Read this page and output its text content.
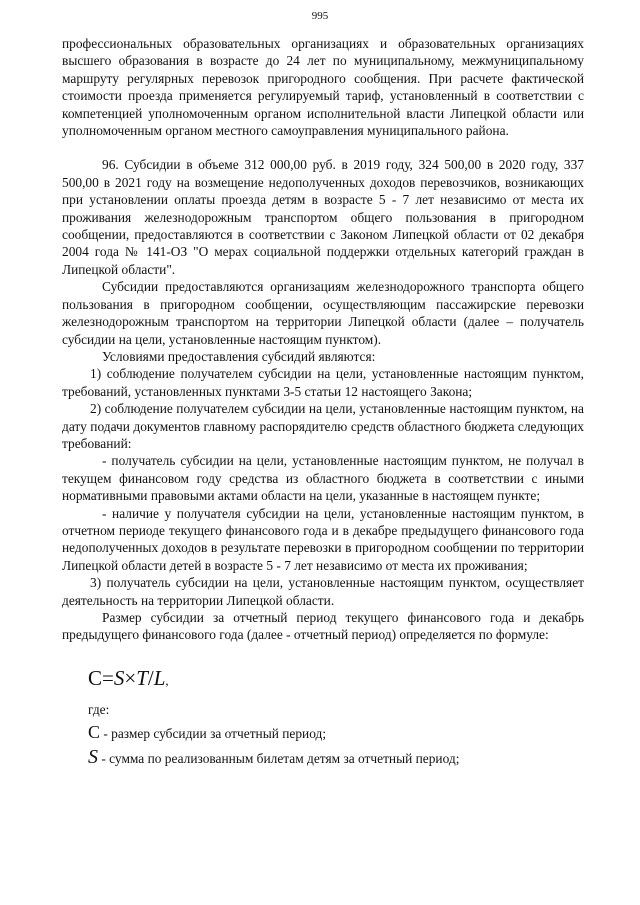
995

профессиональных образовательных организациях и образовательных организациях высшего образования в возрасте до 24 лет по муниципальному, межмуниципальному маршруту регулярных перевозок пригородного сообщения. При расчете фактической стоимости проезда применяется регулируемый тариф, установленный в соответствии с компетенцией уполномоченным органом исполнительной власти Липецкой области или уполномоченным органом местного самоуправления муниципального района.

96. Субсидии в объеме 312 000,00 руб. в 2019 году, 324 500,00 в 2020 году, 337 500,00 в 2021 году на возмещение недополученных доходов перевозчиков, возникающих при установлении оплаты проезда детям в возрасте 5 - 7 лет независимо от места их проживания железнодорожным транспортом общего пользования в пригородном сообщении, предоставляются в соответствии с Законом Липецкой области от 02 декабря 2004 года № 141-ОЗ "О мерах социальной поддержки отдельных категорий граждан в Липецкой области".

Субсидии предоставляются организациям железнодорожного транспорта общего пользования в пригородном сообщении, осуществляющим пассажирские перевозки железнодорожным транспортом на территории Липецкой области (далее – получатель субсидии на цели, установленные настоящим пунктом).

Условиями предоставления субсидий являются:

1) соблюдение получателем субсидии на цели, установленные настоящим пунктом, требований, установленных пунктами 3-5 статьи 12 настоящего Закона;

2) соблюдение получателем субсидии на цели, установленные настоящим пунктом, на дату подачи документов главному распорядителю средств областного бюджета следующих требований:

- получатель субсидии на цели, установленные настоящим пунктом, не получал в текущем финансовом году средства из областного бюджета в соответствии с иными нормативными правовыми актами области на цели, указанные в настоящем пункте;

- наличие у получателя субсидии на цели, установленные настоящим пунктом, в отчетном периоде текущего финансового года и в декабре предыдущего финансового года недополученных доходов в результате перевозки в пригородном сообщении по территории Липецкой области детей в возрасте 5 - 7 лет независимо от места их проживания;

3) получатель субсидии на цели, установленные настоящим пунктом, осуществляет деятельность на территории Липецкой области.

Размер субсидии за отчетный период текущего финансового года и декабрь предыдущего финансового года (далее - отчетный период) определяется по формуле:

C=S×T/L,
где:
C - размер субсидии за отчетный период;
S - сумма по реализованным билетам детям за отчетный период;
